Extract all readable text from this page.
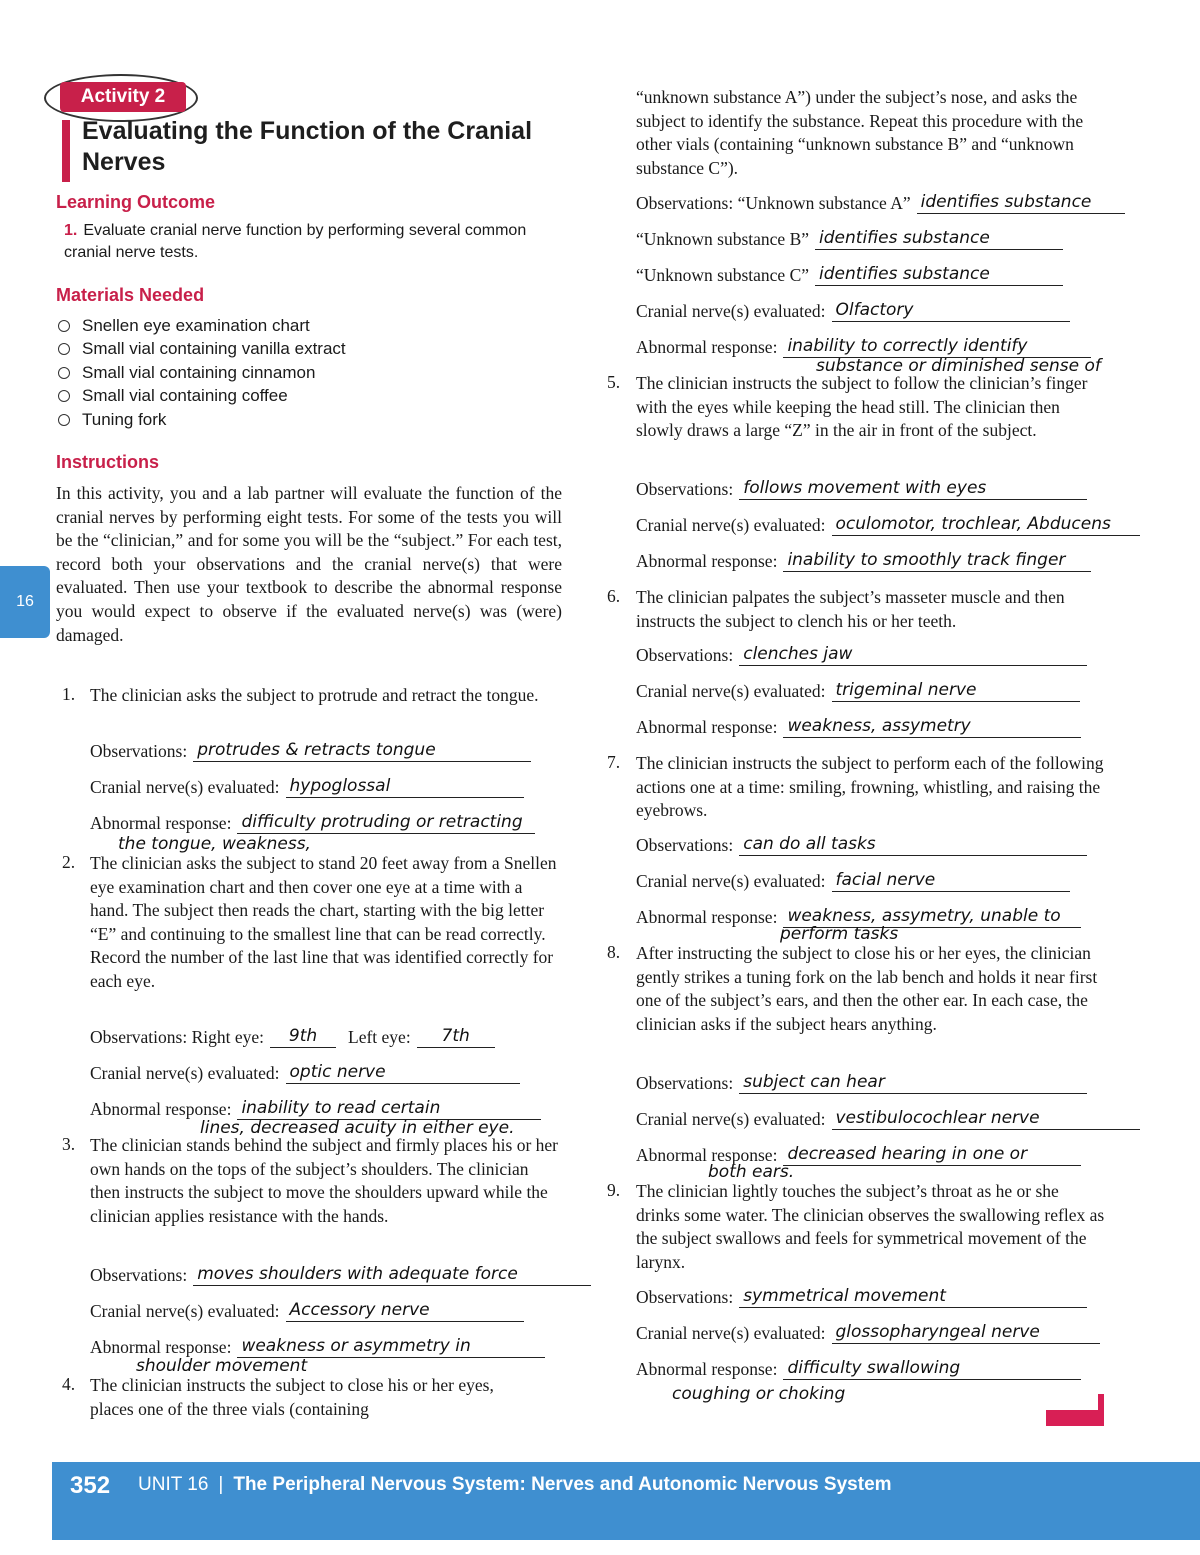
Activity 2
Evaluating the Function of the Cranial Nerves
Learning Outcome
1. Evaluate cranial nerve function by performing several common cranial nerve tests.
Materials Needed
Snellen eye examination chart
Small vial containing vanilla extract
Small vial containing cinnamon
Small vial containing coffee
Tuning fork
Instructions
In this activity, you and a lab partner will evaluate the function of the cranial nerves by performing eight tests. For some of the tests you will be the “clinician,” and for some you will be the “subject.” For each test, record both your observations and the cranial nerve(s) that were evaluated. Then use your textbook to describe the abnormal response you would expect to observe if the evaluated nerve(s) was (were) damaged.
16
1. The clinician asks the subject to protrude and retract the tongue.
Observations: protrudes & retracts tongue
Cranial nerve(s) evaluated: hypoglossal
Abnormal response: difficulty protruding or retracting
the tongue, weakness,
2. The clinician asks the subject to stand 20 feet away from a Snellen eye examination chart and then cover one eye at a time with a hand. The subject then reads the chart, starting with the big letter “E” and continuing to the smallest line that can be read correctly. Record the number of the last line that was identified correctly for each eye.
Observations: Right eye:	9th	Left eye:	7th
Cranial nerve(s) evaluated: optic nerve
Abnormal response: inability to read certain
lines, decreased acuity in either eye.
3. The clinician stands behind the subject and firmly places his or her own hands on the tops of the subject’s shoulders. The clinician then instructs the subject to move the shoulders upward while the clinician applies resistance with the hands.
Observations: moves shoulders with adequate force
Cranial nerve(s) evaluated: Accessory nerve
Abnormal response: weakness or asymmetry in
shoulder movement
4. The clinician instructs the subject to close his or her eyes, places one of the three vials (containing
“unknown substance A”) under the subject’s nose, and asks the subject to identify the substance. Repeat this procedure with the other vials (containing “unknown substance B” and “unknown substance C”).
Observations: “Unknown substance A” identifies substance
“Unknown substance B” identifies substance
“Unknown substance C” identifies substance
Cranial nerve(s) evaluated: Olfactory
Abnormal response: inability to correctly identify
substance or diminished sense of
5. The clinician instructs the subject to follow the clinician’s finger with the eyes while keeping the head still. The clinician then slowly draws a large “Z” in the air in front of the subject.
Observations: follows movement with eyes
Cranial nerve(s) evaluated: oculomotor, trochlear, Abducens
Abnormal response: inability to smoothly track finger
6. The clinician palpates the subject’s masseter muscle and then instructs the subject to clench his or her teeth.
Observations: clenches jaw
Cranial nerve(s) evaluated: trigeminal nerve
Abnormal response: weakness, assymetry
7. The clinician instructs the subject to perform each of the following actions one at a time: smiling, frowning, whistling, and raising the eyebrows.
Observations: can do all tasks
Cranial nerve(s) evaluated: facial nerve
Abnormal response: weakness, assymetry, unable to
perform tasks
8. After instructing the subject to close his or her eyes, the clinician gently strikes a tuning fork on the lab bench and holds it near first one of the subject’s ears, and then the other ear. In each case, the clinician asks if the subject hears anything.
Observations: subject can hear
Cranial nerve(s) evaluated: vestibulocochlear nerve
Abnormal response: decreased hearing in one or
both ears.
9. The clinician lightly touches the subject’s throat as he or she drinks some water. The clinician observes the swallowing reflex as the subject swallows and feels for symmetrical movement of the larynx.
Observations: symmetrical movement
Cranial nerve(s) evaluated: glossopharyngeal nerve
Abnormal response: difficulty swallowing
coughing or choking
352 UNIT 16 | The Peripheral Nervous System: Nerves and Autonomic Nervous System
